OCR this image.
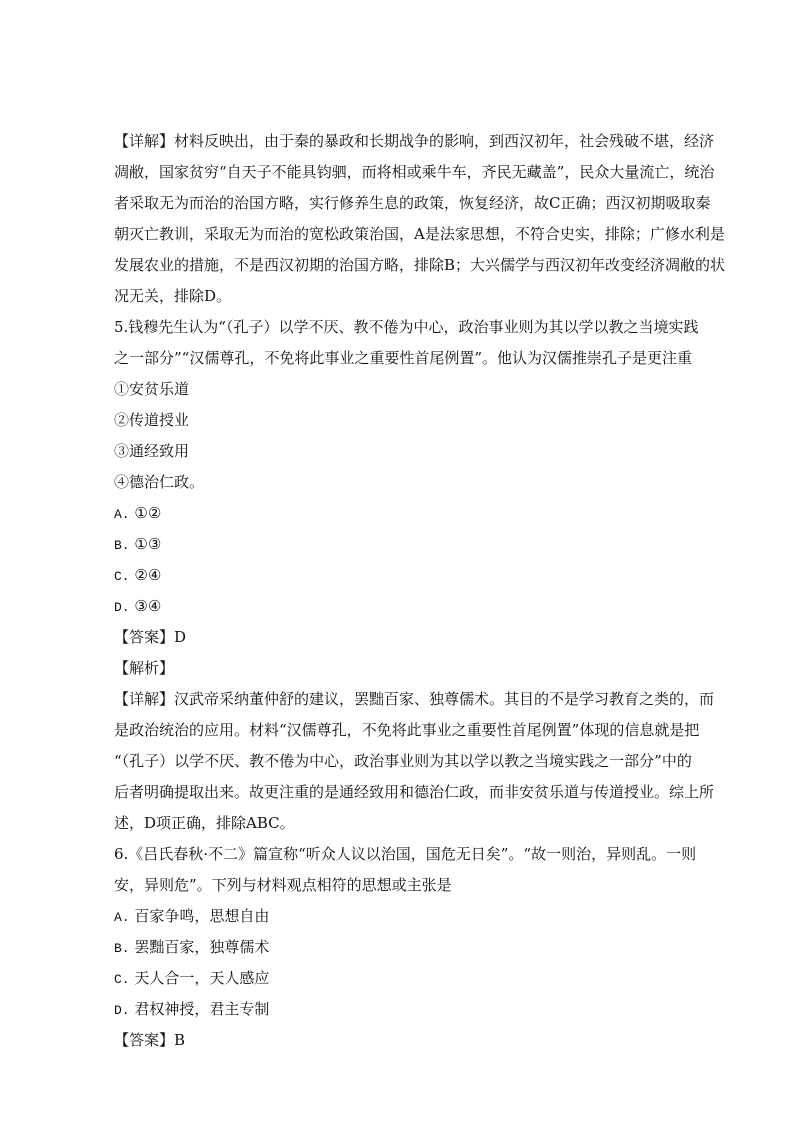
【详解】材料反映出，由于秦的暴政和长期战争的影响，到西汉初年，社会残破不堪，经济
凋敝，国家贫穷“自天子不能具钧驷，而将相或乘牛车，齐民无藏盖”，民众大量流亡，统治
者采取无为而治的治国方略，实行修养生息的政策，恢复经济，故C正确；西汉初期吸取秦
朝灭亡教训，采取无为而治的宽松政策治国，A是法家思想，不符合史实，排除；广修水利是
发展农业的措施，不是西汉初期的治国方略，排除B；大兴儒学与西汉初年改变经济凋敝的状
况无关，排除D。
5.钱穆先生认为“（孔子）以学不厌、教不倦为中心，政治事业则为其以学以教之当境实践
之一部分”“汉儒尊孔，不免将此事业之重要性首尾例置”。他认为汉儒推崇孔子是更注重
①安贫乐道
②传道授业
③通经致用
④德治仁政。
A. ①②
B. ①③
C. ②④
D. ③④
【答案】D
【解析】
【详解】汉武帝采纳董仲舒的建议，罢黜百家、独尊儒术。其目的不是学习教育之类的，而
是政治统治的应用。材料“汉儒尊孔，不免将此事业之重要性首尾例置”体现的信息就是把
“（孔子）以学不厌、教不倦为中心，政治事业则为其以学以教之当境实践之一部分”中的
后者明确提取出来。故更注重的是通经致用和德治仁政，而非安贫乐道与传道授业。综上所
述，D项正确，排除ABC。
6.《吕氏春秋·不二》篇宣称“听众人议以治国，国危无日矣”。“故一则治，异则乱。一则
安，异则危”。下列与材料观点相符的思想或主张是
A. 百家争鸣，思想自由
B. 罢黜百家，独尊儒术
C. 天人合一，天人感应
D. 君权神授，君主专制
【答案】B
